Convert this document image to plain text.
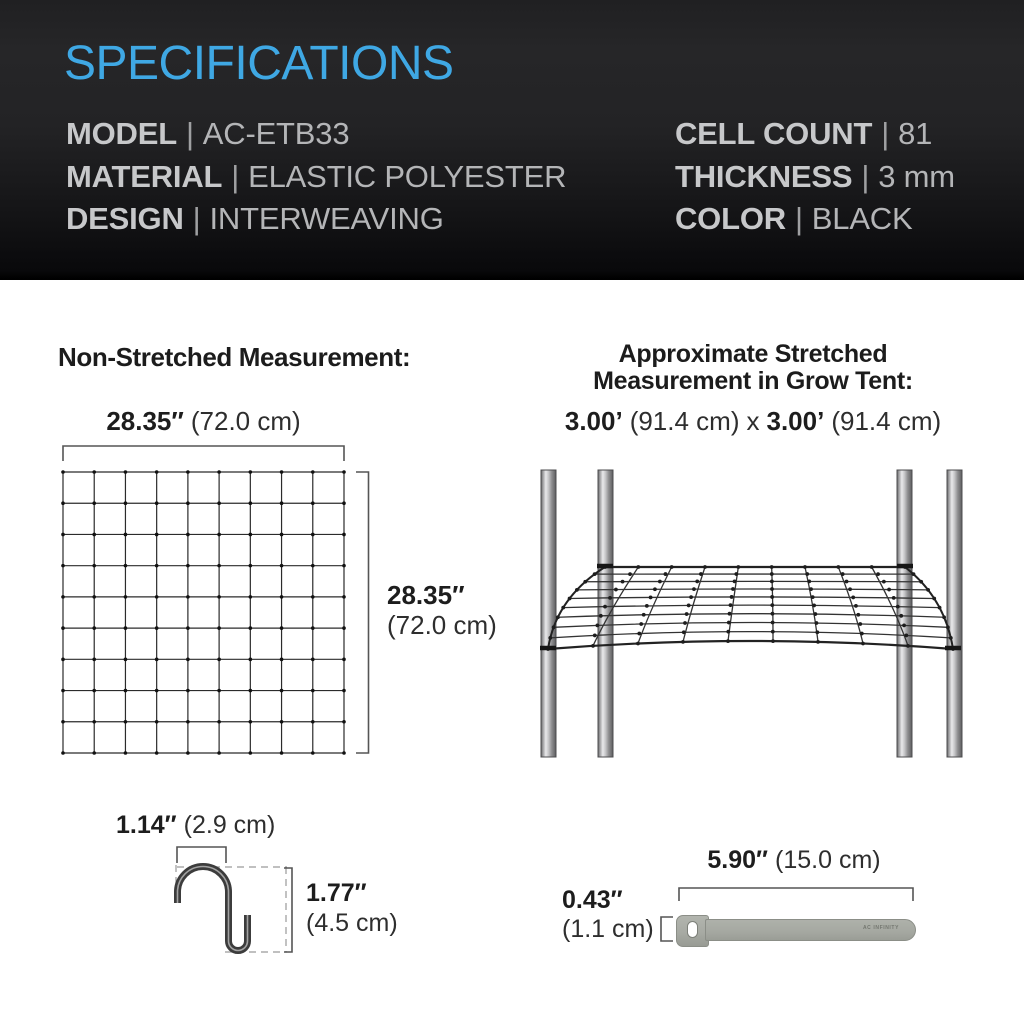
SPECIFICATIONS
MODEL | AC-ETB33
MATERIAL | ELASTIC POLYESTER
DESIGN | INTERWEAVING
CELL COUNT | 81
THICKNESS | 3 mm
COLOR | BLACK
Non-Stretched Measurement:
28.35″ (72.0 cm)
28.35″
(72.0 cm)
Approximate Stretched
Measurement in Grow Tent:
3.00’ (91.4 cm) x 3.00’ (91.4 cm)
1.14″ (2.9 cm)
1.77″
(4.5 cm)
5.90″ (15.0 cm)
0.43″
(1.1 cm)	AC INFINITY
